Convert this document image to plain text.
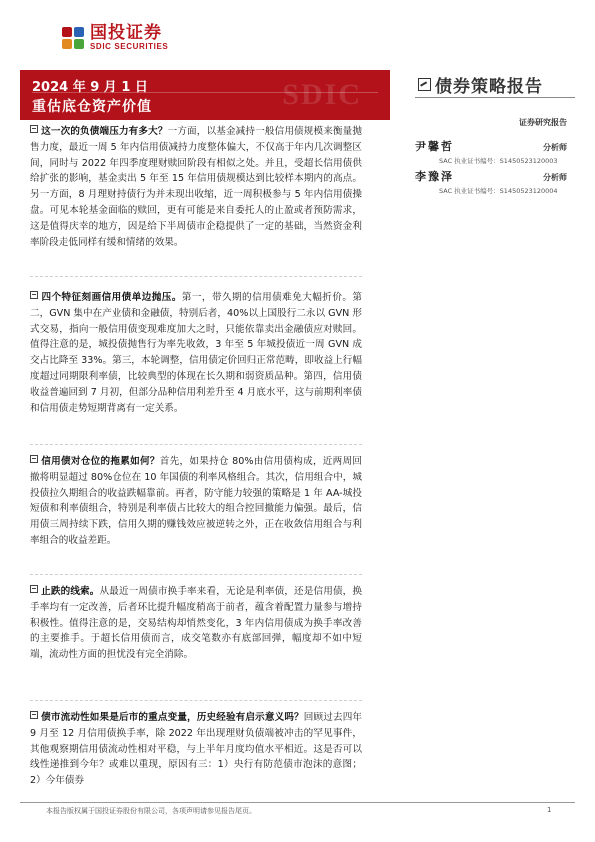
国投证券
SDIC SECURITIES
SDIC
2024 年 9 月 1 日
重估底仓资产价值
债券策略报告
证券研究报告
尹馨哲	分析师
SAC 执业证书编号：S1450523120003
李豫泽	分析师
SAC 执业证书编号：S1450523120004

这一次的负债端压力有多大？一方面，以基金减持一般信用债规模来衡量抛售力度，最近一周 5 年内信用债减持力度整体偏大，不仅高于年内几次调整区间，同时与 2022 年四季度理财赎回阶段有相似之处。并且，受超长信用债供给扩张的影响，基金卖出 5 年至 15 年信用债规模达到比较样本期内的高点。另一方面，8 月理财持债行为并未现出收缩，近一周积极参与 5 年内信用债操盘。可见本轮基金面临的赎回，更有可能是来自委托人的止盈或者预防需求，这是值得庆幸的地方，因是给下半周债市企稳提供了一定的基础，当然资金利率阶段走低同样有缓和情绪的效果。

四个特征刻画信用债单边抛压。第一，带久期的信用债难免大幅折价。第二，GVN 集中在产业债和金融债，特别后者，40%以上国股行二永以 GVN 形式交易，指向一般信用债变现难度加大之时，只能依靠卖出金融债应对赎回。值得注意的是，城投债抛售行为率先收敛，3 年至 5 年城投债近一周 GVN 成交占比降至 33%。第三，本轮调整，信用债定价回归正常范畴，即收益上行幅度超过同期限利率债，比较典型的体现在长久期和弱资质品种。第四，信用债收益普遍回到 7 月初，但部分品种信用利差升至 4 月底水平，这与前期利率债和信用债走势短期背离有一定关系。

信用债对仓位的拖累如何？首先，如果持仓 80%由信用债构成，近两周回撤将明显超过 80%仓位在 10 年国债的利率风格组合。其次，信用组合中，城投债拉久期组合的收益跌幅靠前。再者，防守能力较强的策略是 1 年 AA-城投短债和利率债组合，特别是利率债占比较大的组合控回撤能力偏强。最后，信用债三周持续下跌，信用久期的赚钱效应被逆转之外，正在收敛信用组合与利率组合的收益差距。

止跌的线索。从最近一周债市换手率来看，无论是利率债，还是信用债，换手率均有一定改善，后者环比提升幅度稍高于前者，蕴含着配置力量参与增持积极性。值得注意的是，交易结构却悄然变化，3 年内信用债成为换手率改善的主要推手。于超长信用债而言，成交笔数亦有底部回弹，幅度却不如中短端，流动性方面的担忧没有完全消除。

债市流动性如果是后市的重点变量，历史经验有启示意义吗？回顾过去四年 9 月至 12 月信用债换手率，除 2022 年出现理财负债端被冲击的罕见事件，其他观察期信用债流动性相对平稳，与上半年月度均值水平相近。这是否可以线性递推到今年？或难以重现，原因有三：1）央行有防范债市泡沫的意图；2）今年债券

本报告版权属于国投证券股份有限公司，各项声明请参见报告尾页。	1
